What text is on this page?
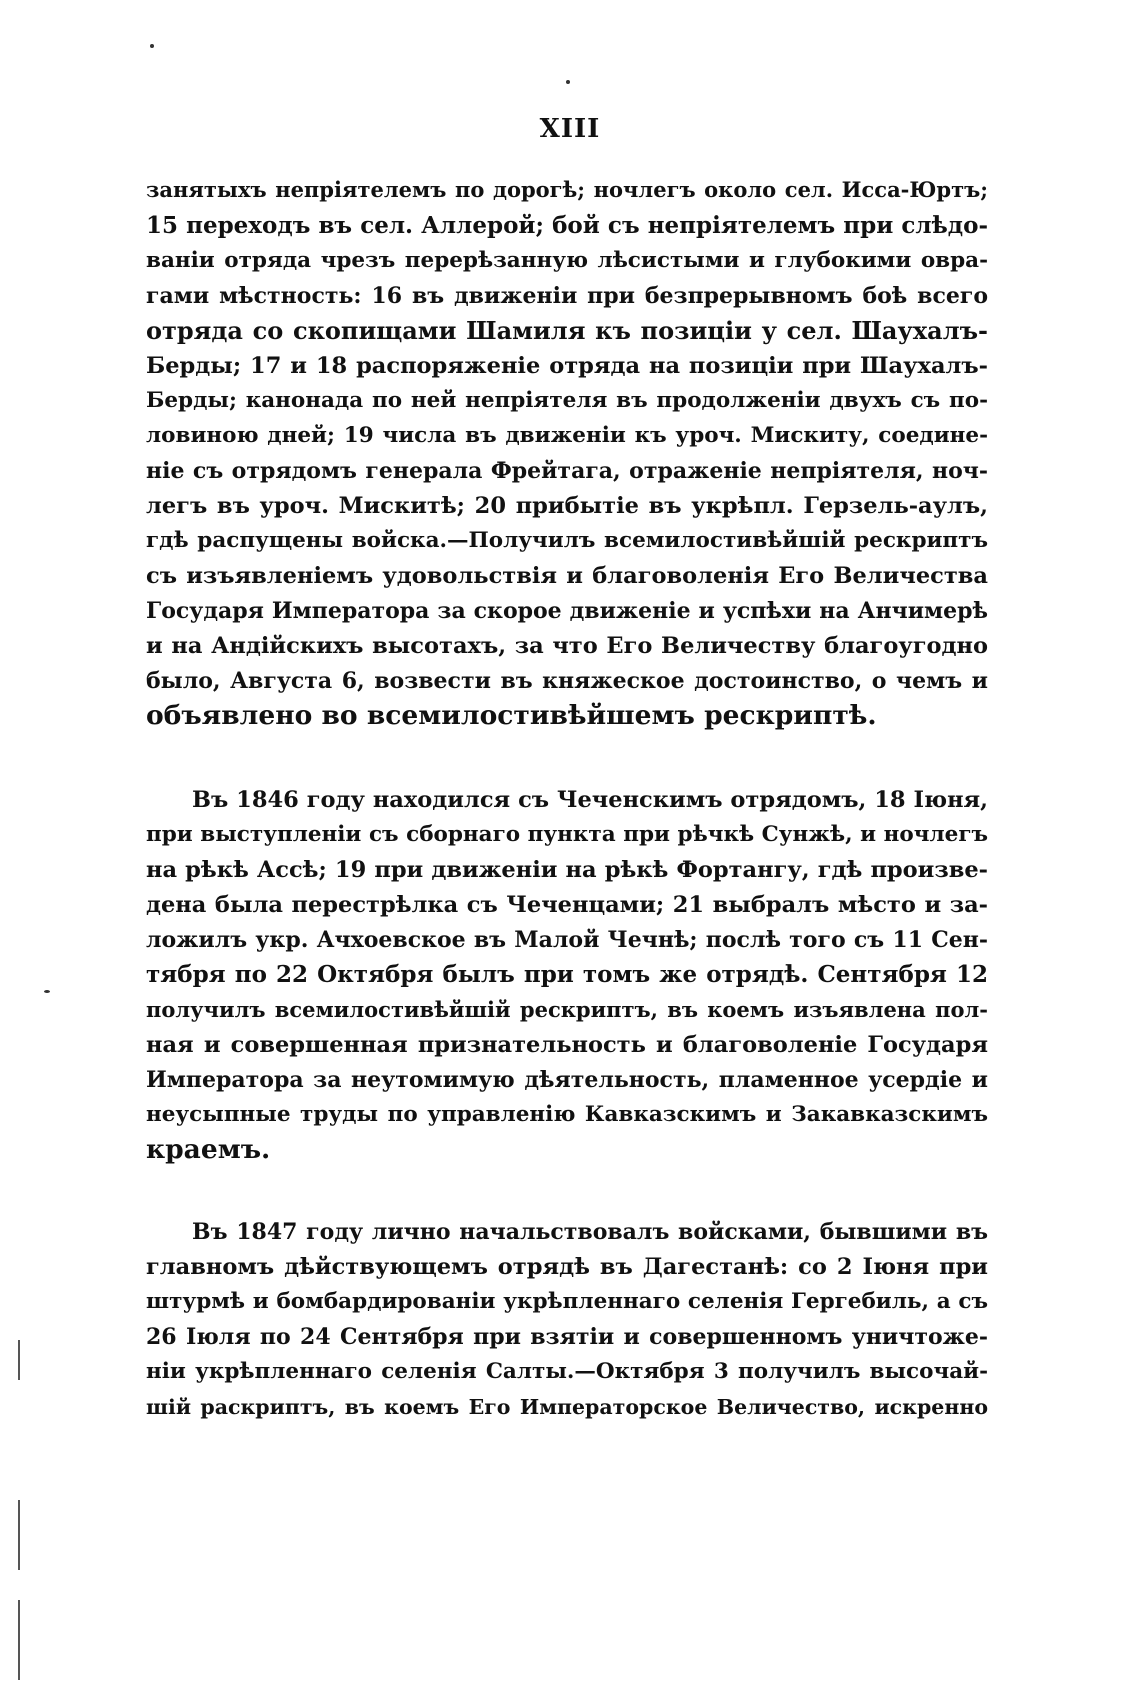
XIII
занятыхъ непріятелемъ по дорогѣ; ночлегъ около сел. Исса-Юртъ;
15 переходъ въ сел. Аллерой; бой съ непріятелемъ при слѣдо-
ваніи отряда чрезъ перерѣзанную лѣсистыми и глубокими овра-
гами мѣстность: 16 въ движеніи при безпрерывномъ боѣ всего
отряда со скопищами Шамиля къ позиціи у сел. Шаухалъ-
Берды; 17 и 18 распоряженіе отряда на позиціи при Шаухалъ-
Берды; канонада по ней непріятеля въ продолженіи двухъ съ по-
ловиною дней; 19 числа въ движеніи къ уроч. Мискиту, соедине-
ніе съ отрядомъ генерала Фрейтага, отраженіе непріятеля, ноч-
легъ въ уроч. Мискитѣ; 20 прибытіе въ укрѣпл. Герзель-аулъ,
гдѣ распущены войска.—Получилъ всемилостивѣйшій рескриптъ
съ изъявленіемъ удовольствія и благоволенія Его Величества
Государя Императора за скорое движеніе и успѣхи на Анчимерѣ
и на Андійскихъ высотахъ, за что Его Величеству благоугодно
было, Августа 6, возвести въ княжеское достоинство, о чемъ и
объявлено во всемилостивѣйшемъ рескриптѣ.
Въ 1846 году находился съ Чеченскимъ отрядомъ, 18 Іюня,
при выступленіи съ сборнаго пункта при рѣчкѣ Сунжѣ, и ночлегъ
на рѣкѣ Ассѣ; 19 при движеніи на рѣкѣ Фортангу, гдѣ произве-
дена была перестрѣлка съ Чеченцами; 21 выбралъ мѣсто и за-
ложилъ укр. Ачхоевское въ Малой Чечнѣ; послѣ того съ 11 Сен-
тября по 22 Октября былъ при томъ же отрядѣ. Сентября 12
получилъ всемилостивѣйшій рескриптъ, въ коемъ изъявлена пол-
ная и совершенная признательность и благоволеніе Государя
Императора за неутомимую дѣятельность, пламенное усердіе и
неусыпные труды по управленію Кавказскимъ и Закавказскимъ
краемъ.
Въ 1847 году лично начальствовалъ войсками, бывшими въ
главномъ дѣйствующемъ отрядѣ въ Дагестанѣ: со 2 Іюня при
штурмѣ и бомбардированіи укрѣпленнаго селенія Гергебиль, а съ
26 Іюля по 24 Сентября при взятіи и совершенномъ уничтоже-
ніи укрѣпленнаго селенія Салты.—Октября 3 получилъ высочай-
шій раскриптъ, въ коемъ Его Императорское Величество, искренно
